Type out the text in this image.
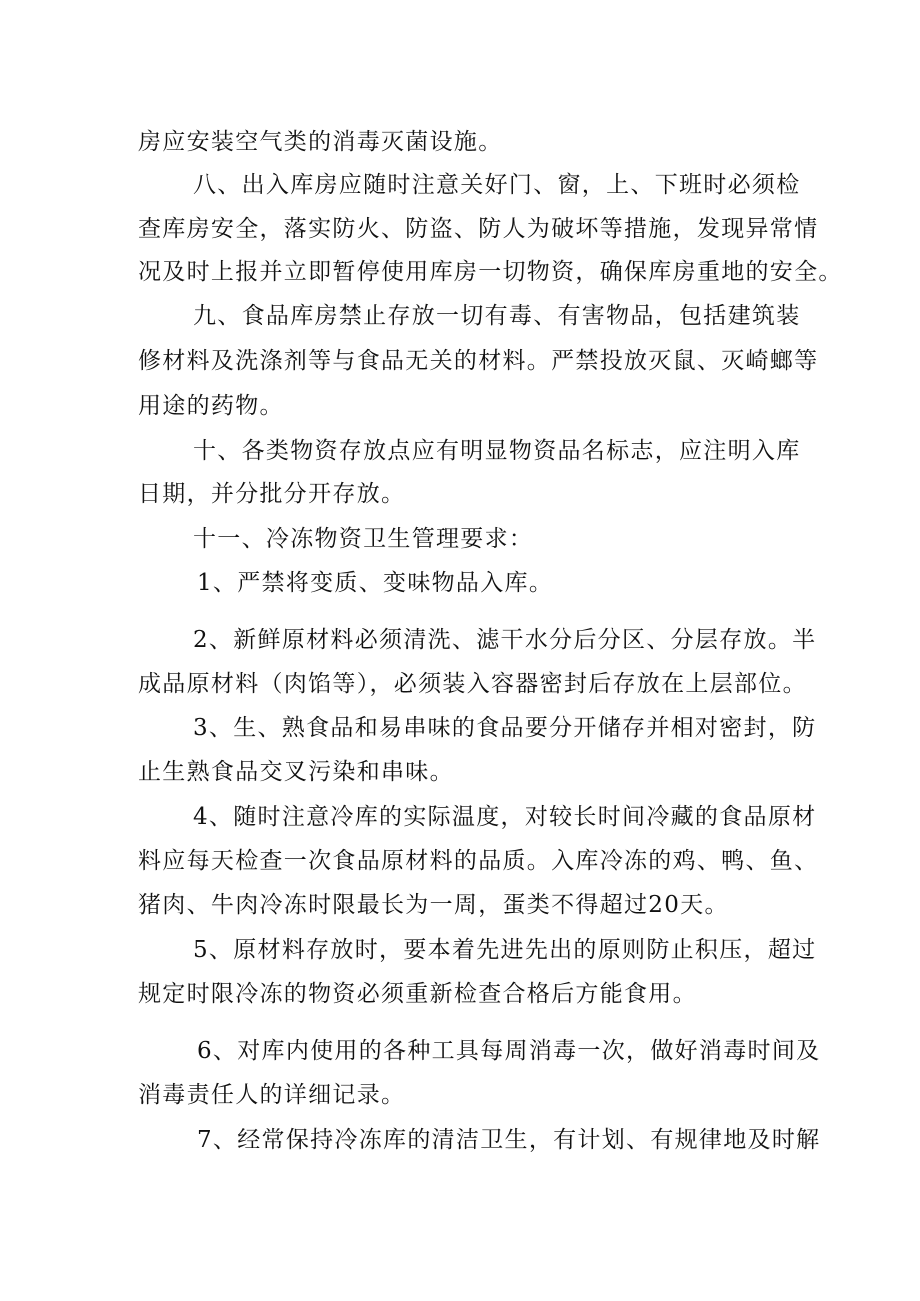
房应安装空气类的消毒灭菌设施。
八、出入库房应随时注意关好门、窗，上、下班时必须检
查库房安全，落实防火、防盗、防人为破坏等措施，发现异常情
况及时上报并立即暂停使用库房一切物资，确保库房重地的安全。
九、食品库房禁止存放一切有毒、有害物品，包括建筑装
修材料及洗涤剂等与食品无关的材料。严禁投放灭鼠、灭崎螂等
用途的药物。
十、各类物资存放点应有明显物资品名标志，应注明入库
日期，并分批分开存放。
十一、冷冻物资卫生管理要求：
1、严禁将变质、变味物品入库。
2、新鲜原材料必须清洗、滤干水分后分区、分层存放。半
成品原材料（肉馅等），必须装入容器密封后存放在上层部位。
3、生、熟食品和易串味的食品要分开储存并相对密封，防
止生熟食品交叉污染和串味。
4、随时注意冷库的实际温度，对较长时间冷藏的食品原材
料应每天检查一次食品原材料的品质。入库冷冻的鸡、鸭、鱼、
猪肉、牛肉冷冻时限最长为一周，蛋类不得超过20天。
5、原材料存放时，要本着先进先出的原则防止积压，超过
规定时限冷冻的物资必须重新检查合格后方能食用。
6、对库内使用的各种工具每周消毒一次，做好消毒时间及
消毒责任人的详细记录。
7、经常保持冷冻库的清洁卫生，有计划、有规律地及时解
